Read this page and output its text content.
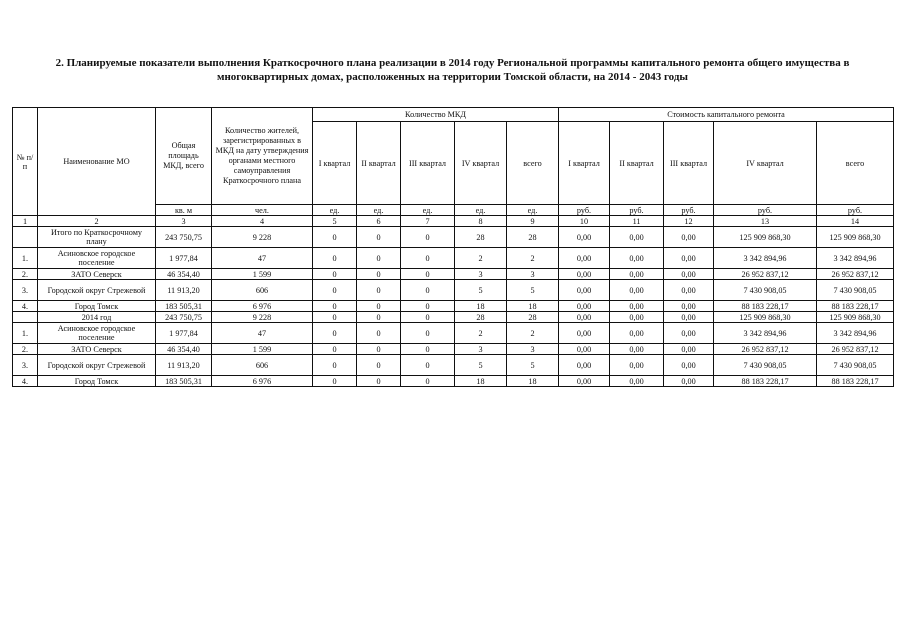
2. Планируемые показатели выполнения Краткосрочного плана реализации в 2014 году Региональной программы капитального ремонта общего имущества в
многоквартирных домах, расположенных на территории Томской области, на 2014 - 2043 годы
№ п/п	Наименование МО	Общая площадь МКД, всего	Количество жителей, зарегистрированных в МКД на дату утверждения органами местного самоуправления Краткосрочного плана	Количество МКД					Стоимость капитального ремонта				
				I квартал	II квартал	III квартал	IV квартал	всего	I квартал	II квартал	III квартал	IV квартал	всего
		кв. м	чел.	ед.	ед.	ед.	ед.	ед.	руб.	руб.	руб.	руб.	руб.
1	2	3	4	5	6	7	8	9	10	11	12	13	14
	Итого по Краткосрочному плану	243 750,75	9 228	0	0	0	28	28	0,00	0,00	0,00	125 909 868,30	125 909 868,30
1.	Асиновское городское поселение	1 977,84	47	0	0	0	2	2	0,00	0,00	0,00	3 342 894,96	3 342 894,96
2.	ЗАТО Северск	46 354,40	1 599	0	0	0	3	3	0,00	0,00	0,00	26 952 837,12	26 952 837,12
3.	Городской округ Стрежевой	11 913,20	606	0	0	0	5	5	0,00	0,00	0,00	7 430 908,05	7 430 908,05
4.	Город Томск	183 505,31	6 976	0	0	0	18	18	0,00	0,00	0,00	88 183 228,17	88 183 228,17
	2014 год	243 750,75	9 228	0	0	0	28	28	0,00	0,00	0,00	125 909 868,30	125 909 868,30
1.	Асиновское городское поселение	1 977,84	47	0	0	0	2	2	0,00	0,00	0,00	3 342 894,96	3 342 894,96
2.	ЗАТО Северск	46 354,40	1 599	0	0	0	3	3	0,00	0,00	0,00	26 952 837,12	26 952 837,12
3.	Городской округ Стрежевой	11 913,20	606	0	0	0	5	5	0,00	0,00	0,00	7 430 908,05	7 430 908,05
4.	Город Томск	183 505,31	6 976	0	0	0	18	18	0,00	0,00	0,00	88 183 228,17	88 183 228,17
